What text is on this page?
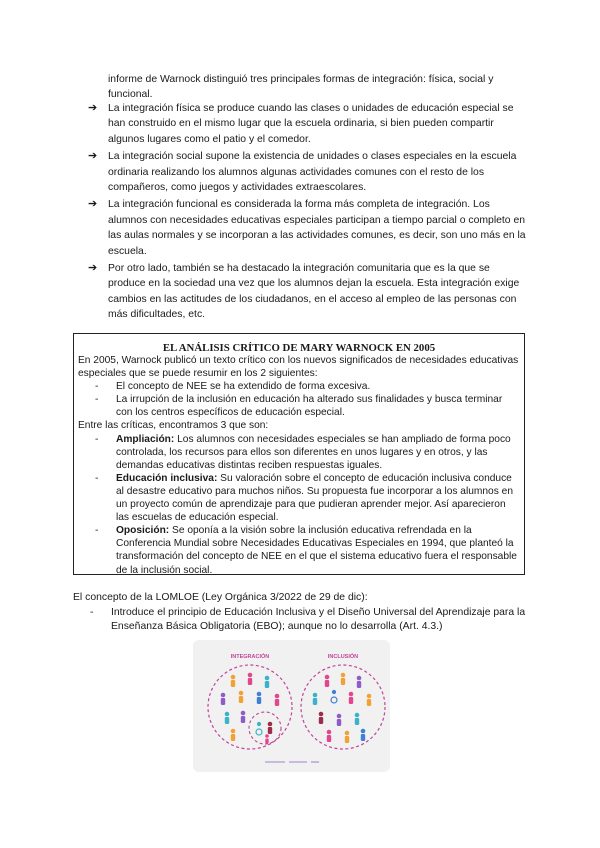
informe de Warnock distinguió tres principales formas de integración: física, social y funcional.
➔ La integración física se produce cuando las clases o unidades de educación especial se han construido en el mismo lugar que la escuela ordinaria, si bien pueden compartir algunos lugares como el patio y el comedor.
➔ La integración social supone la existencia de unidades o clases especiales en la escuela ordinaria realizando los alumnos algunas actividades comunes con el resto de los compañeros, como juegos y actividades extraescolares.
➔ La integración funcional es considerada la forma más completa de integración. Los alumnos con necesidades educativas especiales participan a tiempo parcial o completo en las aulas normales y se incorporan a las actividades comunes, es decir, son uno más en la escuela.
➔ Por otro lado, también se ha destacado la integración comunitaria que es la que se produce en la sociedad una vez que los alumnos dejan la escuela. Esta integración exige cambios en las actitudes de los ciudadanos, en el acceso al empleo de las personas con más dificultades, etc.
EL ANÁLISIS CRÍTICO DE MARY WARNOCK EN 2005

En 2005, Warnock publicó un texto crítico con los nuevos significados de necesidades educativas especiales que se puede resumir en los 2 siguientes:

- El concepto de NEE se ha extendido de forma excesiva.
- La irrupción de la inclusión en educación ha alterado sus finalidades y busca terminar con los centros específicos de educación especial.

Entre las críticas, encontramos 3 que son:

- Ampliación: Los alumnos con necesidades especiales se han ampliado de forma poco controlada, los recursos para ellos son diferentes en unos lugares y en otros, y las demandas educativas distintas reciben respuestas iguales.
- Educación inclusiva: Su valoración sobre el concepto de educación inclusiva conduce al desastre educativo para muchos niños. Su propuesta fue incorporar a los alumnos en un proyecto común de aprendizaje para que pudieran aprender mejor. Así aparecieron las escuelas de educación especial.
- Oposición: Se oponía a la visión sobre la inclusión educativa refrendada en la Conferencia Mundial sobre Necesidades Educativas Especiales en 1994, que planteó la transformación del concepto de NEE en el que el sistema educativo fuera el responsable de la inclusión social.

El concepto de la LOMLOE (Ley Orgánica 3/2022 de 29 de dic):

- Introduce el principio de Educación Inclusiva y el Diseño Universal del Aprendizaje para la Enseñanza Básica Obligatoria (EBO); aunque no lo desarrolla (Art. 4.3.)
INTEGRACIÓN	INCLUSIÓN
